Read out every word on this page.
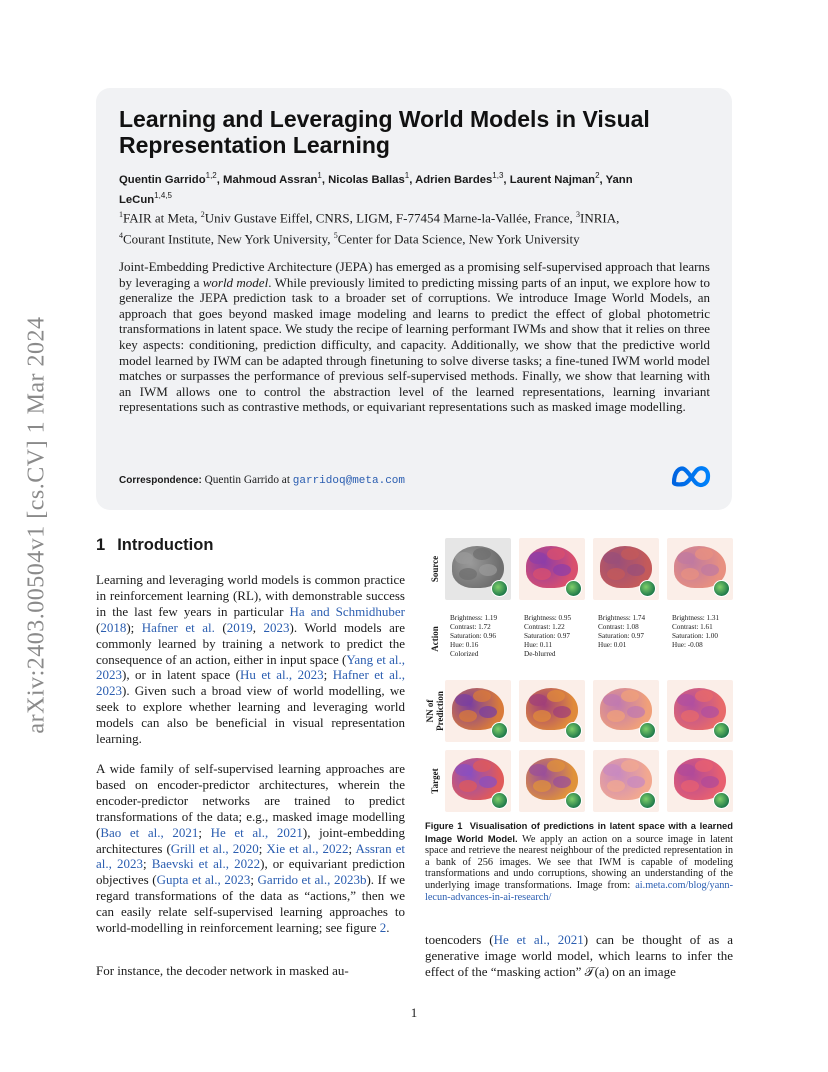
arXiv:2403.00504v1 [cs.CV] 1 Mar 2024
Learning and Leveraging World Models in Visual Representation Learning

Quentin Garrido$^{1,2}$, Mahmoud Assran$^1$, Nicolas Ballas$^1$, Adrien Bardes$^{1,3}$, Laurent Najman$^2$, Yann LeCun$^{1,4,5}$

$^1$FAIR at Meta, $^2$Univ Gustave Eiffel, CNRS, LIGM, F-77454 Marne-la-Vallée, France, $^3$INRIA,
$^4$Courant Institute, New York University, $^5$Center for Data Science, New York University

Joint-Embedding Predictive Architecture (JEPA) has emerged as a promising self-supervised approach that learns by leveraging a world model. While previously limited to predicting missing parts of an input, we explore how to generalize the JEPA prediction task to a broader set of corruptions. We introduce Image World Models, an approach that goes beyond masked image modeling and learns to predict the effect of global photometric transformations in latent space. We study the recipe of learning performant IWMs and show that it relies on three key aspects: conditioning, prediction difficulty, and capacity. Additionally, we show that the predictive world model learned by IWM can be adapted through finetuning to solve diverse tasks; a fine-tuned IWM world model matches or surpasses the performance of previous self-supervised methods. Finally, we show that learning with an IWM allows one to control the abstraction level of the learned representations, learning invariant representations such as contrastive methods, or equivariant representations such as masked image modelling.

Correspondence: Quentin Garrido at garridoq@meta.com

1 Introduction

Learning and leveraging world models is common practice in reinforcement learning (RL), with demonstrable success in the last few years in particular Ha and Schmidhuber (2018); Hafner et al. (2019, 2023). World models are commonly learned by training a network to predict the consequence of an action, either in input space (Yang et al., 2023), or in latent space (Hu et al., 2023; Hafner et al., 2023). Given such a broad view of world modelling, we seek to explore whether learning and leveraging world models can also be beneficial in visual representation learning.

A wide family of self-supervised learning approaches are based on encoder-predictor architectures, wherein the encoder-predictor networks are trained to predict transformations of the data; e.g., masked image modelling (Bao et al., 2021; He et al., 2021), joint-embedding architectures (Grill et al., 2020; Xie et al., 2022; Assran et al., 2023; Baevski et al., 2022), or equivariant prediction objectives (Gupta et al., 2023; Garrido et al., 2023b). If we regard transformations of the data as “actions,” then we can easily relate self-supervised learning approaches to world-modelling in reinforcement learning; see figure 2.

For instance, the decoder network in masked au-

Source
Action
NN of
Prediction
Target
Brightness: 1.19
Contrast: 1.72
Saturation: 0.96
Hue: 0.16
Colorized
Brightness: 0.95
Contrast: 1.22
Saturation: 0.97
Hue: 0.11
De-blurred
Brightness: 1.74
Contrast: 1.08
Saturation: 0.97
Hue: 0.01
Brightness: 1.31
Contrast: 1.61
Saturation: 1.00
Hue: -0.08

Figure 1 Visualisation of predictions in latent space with a learned Image World Model. We apply an action on a source image in latent space and retrieve the nearest neighbour of the predicted representation in a bank of 256 images. We see that IWM is capable of modeling transformations and undo corruptions, showing an understanding of the underlying image transformations. Image from: ai.meta.com/blog/yann-lecun-advances-in-ai-research/

toencoders (He et al., 2021) can be thought of as a generative image world model, which learns to infer the effect of the “masking action” 𝒯(a) on an image

1
